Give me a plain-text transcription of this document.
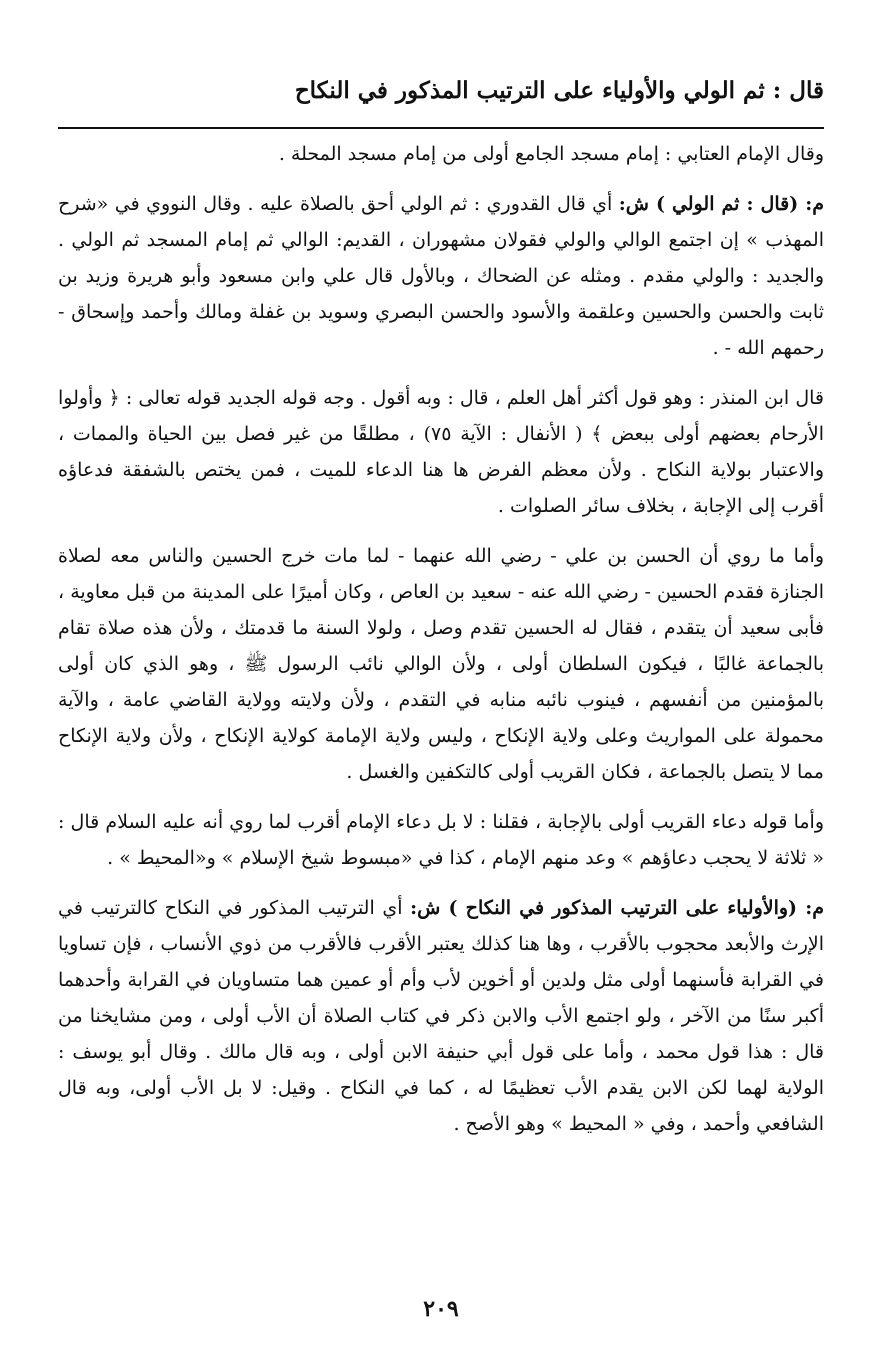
قال : ثم الولي والأولياء على الترتيب المذكور في النكاح

وقال الإمام العتابي : إمام مسجد الجامع أولى من إمام مسجد المحلة .

م: (قال : ثم الولي ) ش: أي قال القدوري : ثم الولي أحق بالصلاة عليه . وقال النووي في «شرح المهذب » إن اجتمع الوالي والولي فقولان مشهوران ، القديم: الوالي ثم إمام المسجد ثم الولي . والجديد : والولي مقدم . ومثله عن الضحاك ، وبالأول قال علي وابن مسعود وأبو هريرة وزيد بن ثابت والحسن والحسين وعلقمة والأسود والحسن البصري وسويد بن غفلة ومالك وأحمد وإسحاق - رحمهم الله - .

قال ابن المنذر : وهو قول أكثر أهل العلم ، قال : وبه أقول . وجه قوله الجديد قوله تعالى : ﴿ وأولوا الأرحام بعضهم أولى ببعض ﴾ ( الأنفال : الآية ٧٥) ، مطلقًا من غير فصل بين الحياة والممات ، والاعتبار بولاية النكاح . ولأن معظم الفرض ها هنا الدعاء للميت ، فمن يختص بالشفقة فدعاؤه أقرب إلى الإجابة ، بخلاف سائر الصلوات .

وأما ما روي أن الحسن بن علي - رضي الله عنهما - لما مات خرج الحسين والناس معه لصلاة الجنازة فقدم الحسين - رضي الله عنه - سعيد بن العاص ، وكان أميرًا على المدينة من قبل معاوية ، فأبى سعيد أن يتقدم ، فقال له الحسين تقدم وصل ، ولولا السنة ما قدمتك ، ولأن هذه صلاة تقام بالجماعة غالبًا ، فيكون السلطان أولى ، ولأن الوالي نائب الرسول ﷺ ، وهو الذي كان أولى بالمؤمنين من أنفسهم ، فينوب نائبه منابه في التقدم ، ولأن ولايته وولاية القاضي عامة ، والآية محمولة على المواريث وعلى ولاية الإنكاح ، وليس ولاية الإمامة كولاية الإنكاح ، ولأن ولاية الإنكاح مما لا يتصل بالجماعة ، فكان القريب أولى كالتكفين والغسل .

وأما قوله دعاء القريب أولى بالإجابة ، فقلنا : لا بل دعاء الإمام أقرب لما روي أنه عليه السلام قال : « ثلاثة لا يحجب دعاؤهم » وعد منهم الإمام ، كذا في «مبسوط شيخ الإسلام » و«المحيط » .

م: (والأولياء على الترتيب المذكور في النكاح ) ش: أي الترتيب المذكور في النكاح كالترتيب في الإرث والأبعد محجوب بالأقرب ، وها هنا كذلك يعتبر الأقرب فالأقرب من ذوي الأنساب ، فإن تساويا في القرابة فأسنهما أولى مثل ولدين أو أخوين لأب وأم أو عمين هما متساويان في القرابة وأحدهما أكبر سنًا من الآخر ، ولو اجتمع الأب والابن ذكر في كتاب الصلاة أن الأب أولى ، ومن مشايخنا من قال : هذا قول محمد ، وأما على قول أبي حنيفة الابن أولى ، وبه قال مالك . وقال أبو يوسف : الولاية لهما لكن الابن يقدم الأب تعظيمًا له ، كما في النكاح . وقيل: لا بل الأب أولى، وبه قال الشافعي وأحمد ، وفي « المحيط » وهو الأصح .

٢٠٩
